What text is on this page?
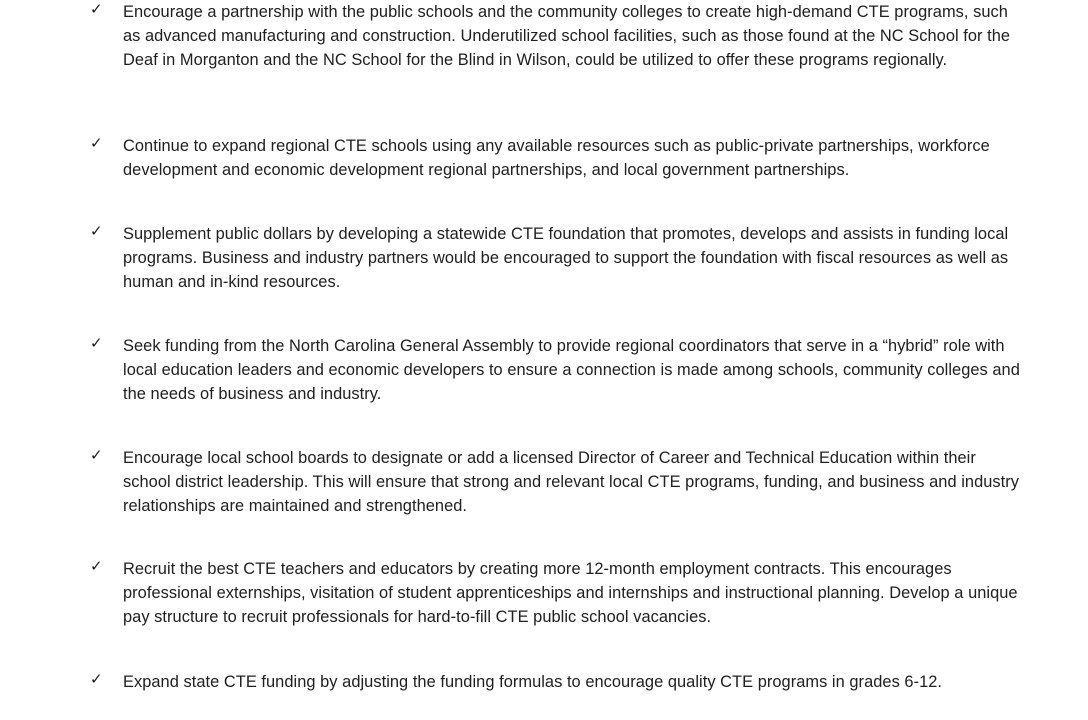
✓	Encourage a partnership with the public schools and the community colleges to create high-demand CTE programs, such as advanced manufacturing and construction. Underutilized school facilities, such as those found at the NC School for the Deaf in Morganton and the NC School for the Blind in Wilson, could be utilized to offer these programs regionally.
✓	Continue to expand regional CTE schools using any available resources such as public-private partnerships, workforce development and economic development regional partnerships, and local government partnerships.
✓	Supplement public dollars by developing a statewide CTE foundation that promotes, develops and assists in funding local programs. Business and industry partners would be encouraged to support the foundation with fiscal resources as well as human and in-kind resources.
✓	Seek funding from the North Carolina General Assembly to provide regional coordinators that serve in a “hybrid” role with local education leaders and economic developers to ensure a connection is made among schools, community colleges and the needs of business and industry.
✓	Encourage local school boards to designate or add a licensed Director of Career and Technical Education within their school district leadership. This will ensure that strong and relevant local CTE programs, funding, and business and industry relationships are maintained and strengthened.
✓	Recruit the best CTE teachers and educators by creating more 12-month employment contracts. This encourages professional externships, visitation of student apprenticeships and internships and instructional planning. Develop a unique pay structure to recruit professionals for hard-to-fill CTE public school vacancies.
✓	Expand state CTE funding by adjusting the funding formulas to encourage quality CTE programs in grades 6-12.
